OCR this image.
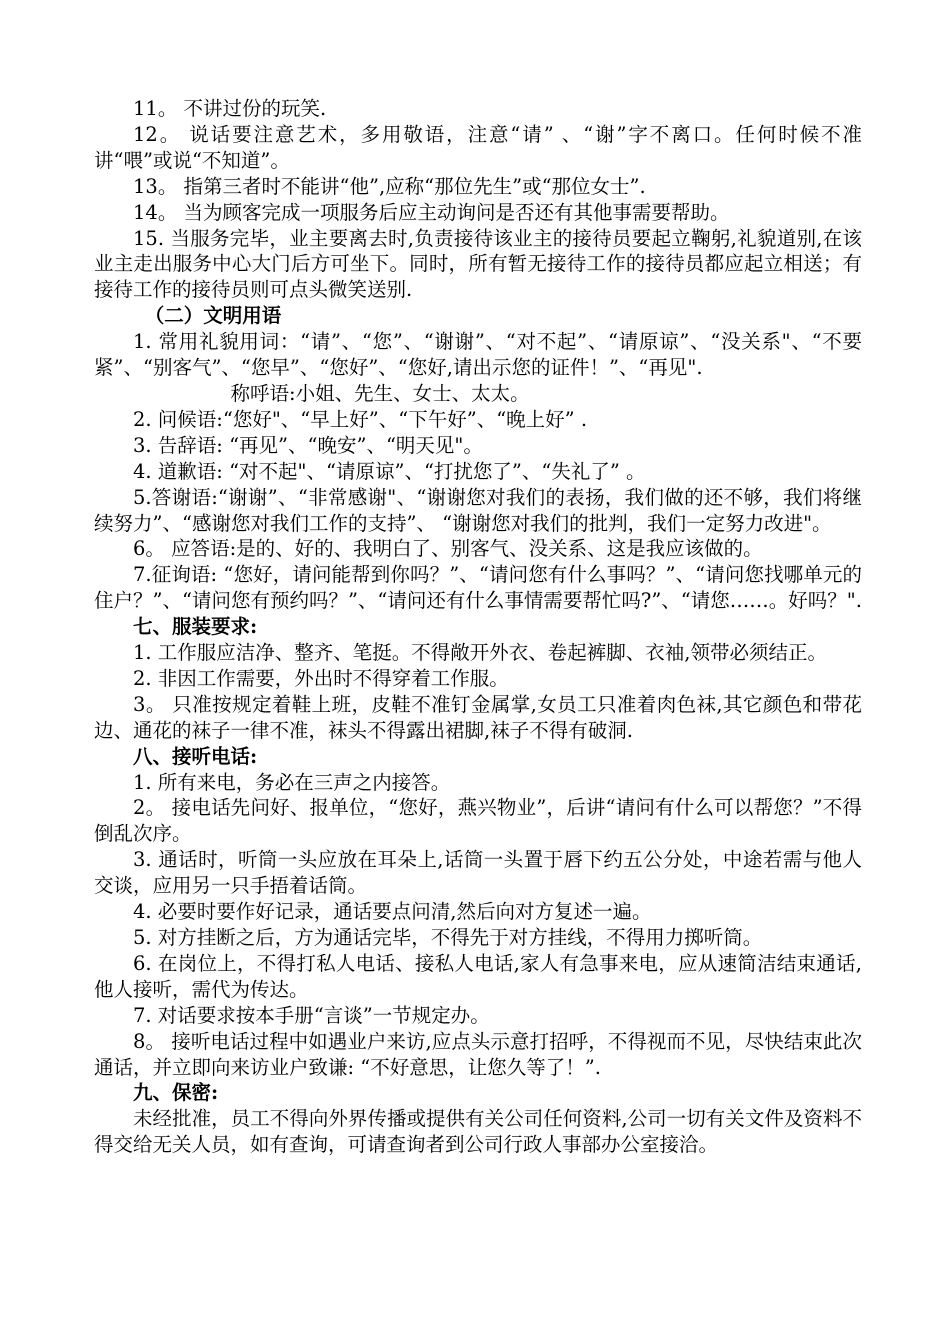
11。 不讲过份的玩笑.

12。 说话要注意艺术，多用敬语，注意“请” 、“谢”字不离口。任何时候不准讲“喂”或说“不知道”。

13。 指第三者时不能讲“他”,应称“那位先生”或“那位女士”.

14。 当为顾客完成一项服务后应主动询问是否还有其他事需要帮助。

15. 当服务完毕，业主要离去时,负责接待该业主的接待员要起立鞠躬,礼貌道别,在该业主走出服务中心大门后方可坐下。同时，所有暂无接待工作的接待员都应起立相送；有接待工作的接待员则可点头微笑送别.

（二）文明用语

1. 常用礼貌用词：“请”、“您”、“谢谢”、“对不起”、“请原谅”、“没关系"、“不要紧”、“别客气”、“您早”、“您好”、“您好,请出示您的证件！”、“再见".

称呼语:小姐、先生、女士、太太。

2. 问候语:“您好"、“早上好”、“下午好”、“晚上好” .

3. 告辞语: “再见”、“晚安”、“明天见"。

4. 道歉语: “对不起"、“请原谅”、“打扰您了”、“失礼了” 。

5.答谢语:“谢谢”、“非常感谢"、“谢谢您对我们的表扬，我们做的还不够，我们将继续努力”、“感谢您对我们工作的支持”、 “谢谢您对我们的批判，我们一定努力改进"。

6。 应答语:是的、好的、我明白了、别客气、没关系、这是我应该做的。

7.征询语: “您好，请问能帮到你吗？”、“请问您有什么事吗？”、“请问您找哪单元的住户？”、“请问您有预约吗？”、“请问还有什么事情需要帮忙吗?”、“请您……。好吗？".

七、服装要求:

1. 工作服应洁净、整齐、笔挺。不得敞开外衣、卷起裤脚、衣袖,领带必须结正。

2. 非因工作需要，外出时不得穿着工作服。

3。 只准按规定着鞋上班，皮鞋不准钉金属掌,女员工只准着肉色袜,其它颜色和带花边、通花的袜子一律不准，袜头不得露出裙脚,袜子不得有破洞.

八、接听电话:

1. 所有来电，务必在三声之内接答。

2。 接电话先问好、报单位，“您好，燕兴物业”，后讲“请问有什么可以帮您？”不得倒乱次序。

3. 通话时，听筒一头应放在耳朵上,话筒一头置于唇下约五公分处，中途若需与他人交谈，应用另一只手捂着话筒。

4. 必要时要作好记录，通话要点问清,然后向对方复述一遍。

5. 对方挂断之后，方为通话完毕，不得先于对方挂线，不得用力掷听筒。

6. 在岗位上，不得打私人电话、接私人电话,家人有急事来电，应从速简洁结束通话,他人接听，需代为传达。

7. 对话要求按本手册“言谈”一节规定办。

8。 接听电话过程中如遇业户来访,应点头示意打招呼，不得视而不见，尽快结束此次通话，并立即向来访业户致谦: “不好意思，让您久等了！”.

九、保密:

未经批准，员工不得向外界传播或提供有关公司任何资料,公司一切有关文件及资料不得交给无关人员，如有查询，可请查询者到公司行政人事部办公室接洽。
